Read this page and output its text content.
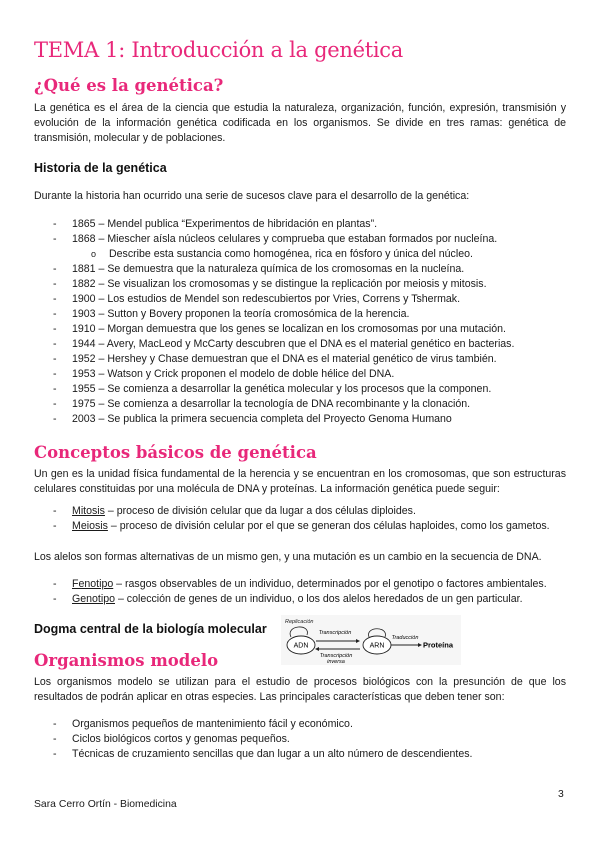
TEMA 1: Introducción a la genética
¿Qué es la genética?

La genética es el área de la ciencia que estudia la naturaleza, organización, función, expresión, transmisión y evolución de la información genética codificada en los organismos. Se divide en tres ramas: genética de transmisión, molecular y de poblaciones.

Historia de la genética

Durante la historia han ocurrido una serie de sucesos clave para el desarrollo de la genética:

- 1865 – Mendel publica “Experimentos de hibridación en plantas”.
- 1868 – Miescher aísla núcleos celulares y comprueba que estaban formados por nucleína.
o Describe esta sustancia como homogénea, rica en fósforo y única del núcleo.
- 1881 – Se demuestra que la naturaleza química de los cromosomas en la nucleína.
- 1882 – Se visualizan los cromosomas y se distingue la replicación por meiosis y mitosis.
- 1900 – Los estudios de Mendel son redescubiertos por Vries, Correns y Tshermak.
- 1903 – Sutton y Bovery proponen la teoría cromosómica de la herencia.
- 1910 – Morgan demuestra que los genes se localizan en los cromosomas por una mutación.
- 1944 – Avery, MacLeod y McCarty descubren que el DNA es el material genético en bacterias.
- 1952 – Hershey y Chase demuestran que el DNA es el material genético de virus también.
- 1953 – Watson y Crick proponen el modelo de doble hélice del DNA.
- 1955 – Se comienza a desarrollar la genética molecular y los procesos que la componen.
- 1975 – Se comienza a desarrollar la tecnología de DNA recombinante y la clonación.
- 2003 – Se publica la primera secuencia completa del Proyecto Genoma Humano
Conceptos básicos de genética

Un gen es la unidad física fundamental de la herencia y se encuentran en los cromosomas, que son estructuras celulares constituidas por una molécula de DNA y proteínas. La información genética puede seguir:

- Mitosis – proceso de división celular que da lugar a dos células diploides.
- Meiosis – proceso de división celular por el que se generan dos células haploides, como los gametos.

Los alelos son formas alternativas de un mismo gen, y una mutación es un cambio en la secuencia de DNA.

- Fenotipo – rasgos observables de un individuo, determinados por el genotipo o factores ambientales.
- Genotipo – colección de genes de un individuo, o los dos alelos heredados de un gen particular.
Dogma central de la biología molecular	Replicación
ADN
Transcripción
Transcripción
inversa
ARN
Traducción
Proteína
Organismos modelo

Los organismos modelo se utilizan para el estudio de procesos biológicos con la presunción de que los resultados de podrán aplicar en otras especies. Las principales características que deben tener son:

- Organismos pequeños de mantenimiento fácil y económico.
- Ciclos biológicos cortos y genomas pequeños.
- Técnicas de cruzamiento sencillas que dan lugar a un alto número de descendientes.
3
Sara Cerro Ortín - Biomedicina
